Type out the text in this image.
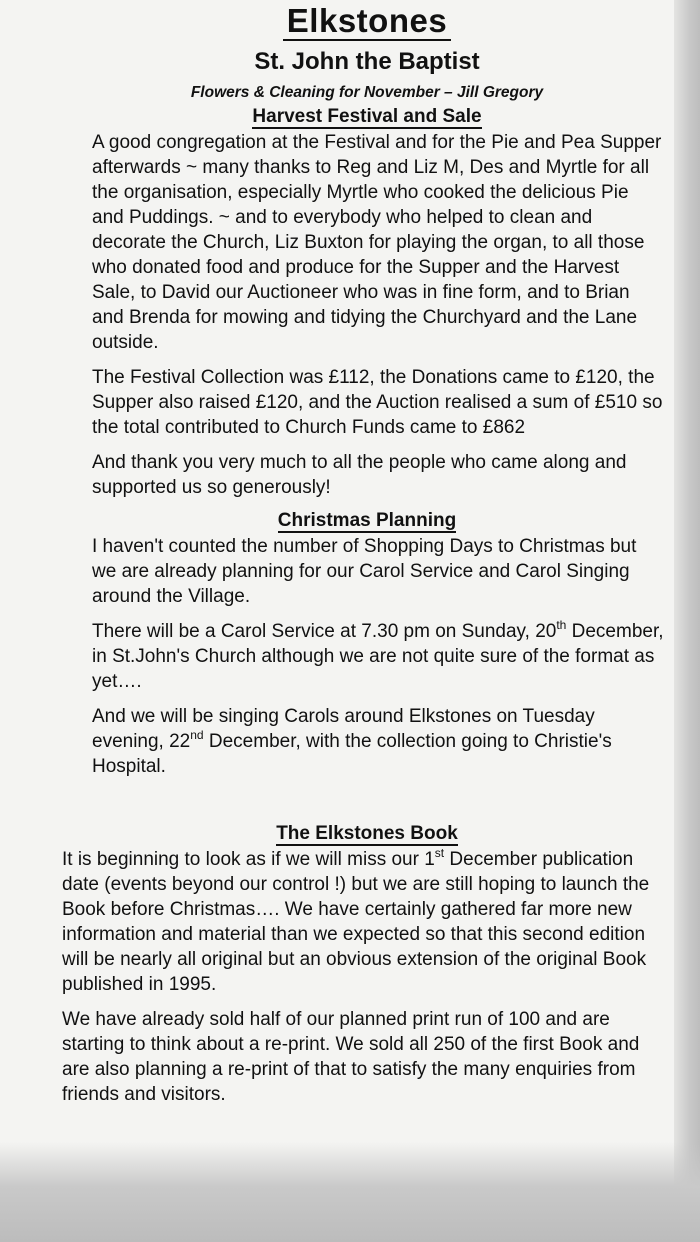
Elkstones
St. John the Baptist
Flowers & Cleaning for November – Jill Gregory
Harvest Festival and Sale

A good congregation at the Festival and for the Pie and Pea Supper afterwards ~ many thanks to Reg and Liz M, Des and Myrtle for all the organisation, especially Myrtle who cooked the delicious Pie and Puddings. ~ and to everybody who helped to clean and decorate the Church, Liz Buxton for playing the organ, to all those who donated food and produce for the Supper and the Harvest Sale, to David our Auctioneer who was in fine form, and to Brian and Brenda for mowing and tidying the Churchyard and the Lane outside.

The Festival Collection was £112, the Donations came to £120, the Supper also raised £120, and the Auction realised a sum of £510 so the total contributed to Church Funds came to £862

And thank you very much to all the people who came along and supported us so generously!

Christmas Planning

I haven't counted the number of Shopping Days to Christmas but we are already planning for our Carol Service and Carol Singing around the Village.

There will be a Carol Service at 7.30 pm on Sunday, 20th December, in St.John's Church although we are not quite sure of the format as yet….

And we will be singing Carols around Elkstones on Tuesday evening, 22nd December, with the collection going to Christie's Hospital.

The Elkstones Book

It is beginning to look as if we will miss our 1st December publication date (events beyond our control !) but we are still hoping to launch the Book before Christmas…. We have certainly gathered far more new information and material than we expected so that this second edition will be nearly all original but an obvious extension of the original Book published in 1995.

We have already sold half of our planned print run of 100 and are starting to think about a re-print. We sold all 250 of the first Book and are also planning a re-print of that to satisfy the many enquiries from friends and visitors.
